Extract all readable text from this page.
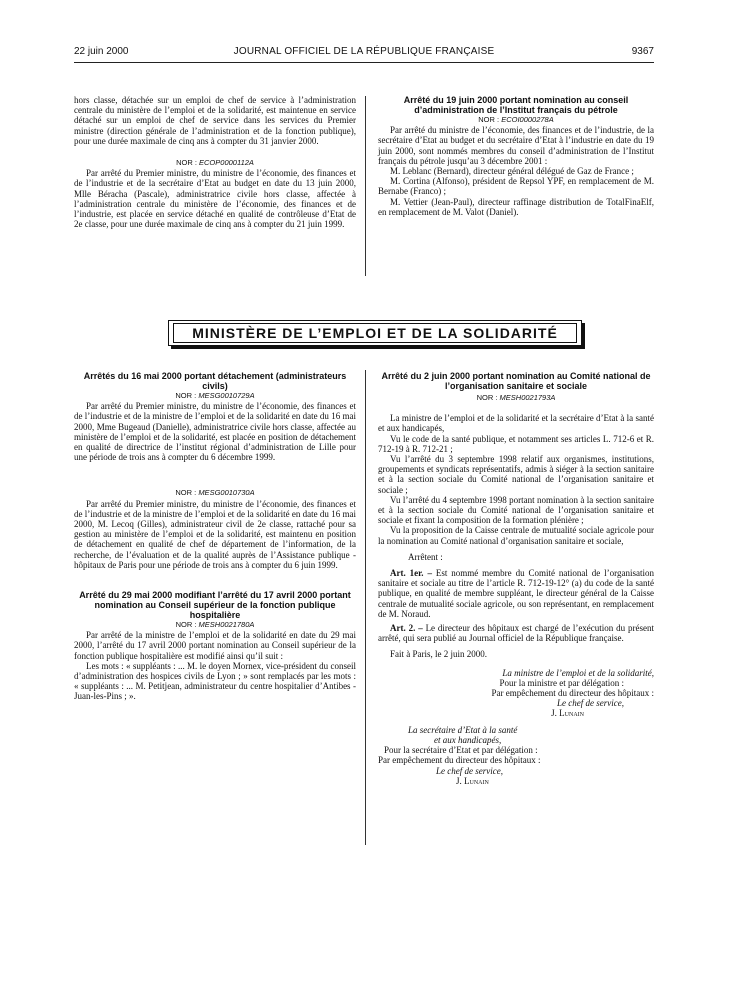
22 juin 2000	JOURNAL OFFICIEL DE LA RÉPUBLIQUE FRANÇAISE	9367

hors classe, détachée sur un emploi de chef de service à l’administration centrale du ministère de l’emploi et de la solidarité, est maintenue en service détaché sur un emploi de chef de service dans les services du Premier ministre (direction générale de l’administration et de la fonction publique), pour une durée maximale de cinq ans à compter du 31 janvier 2000.

NOR : ECOP0000112A

Par arrêté du Premier ministre, du ministre de l’économie, des finances et de l’industrie et de la secrétaire d’Etat au budget en date du 13 juin 2000, Mlle Béracha (Pascale), administratrice civile hors classe, affectée à l’administration centrale du ministère de l’économie, des finances et de l’industrie, est placée en service détaché en qualité de contrôleuse d’Etat de 2e classe, pour une durée maximale de cinq ans à compter du 21 juin 1999.

Arrêté du 19 juin 2000 portant nomination au conseil d’administration de l’Institut français du pétrole

NOR : ECOI0000278A

Par arrêté du ministre de l’économie, des finances et de l’industrie, de la secrétaire d’Etat au budget et du secrétaire d’Etat à l’industrie en date du 19 juin 2000, sont nommés membres du conseil d’administration de l’Institut français du pétrole jusqu’au 3 décembre 2001 :

M. Leblanc (Bernard), directeur général délégué de Gaz de France ;

M. Cortina (Alfonso), président de Repsol YPF, en remplacement de M. Bernabe (Franco) ;

M. Vettier (Jean-Paul), directeur raffinage distribution de TotalFinaElf, en remplacement de M. Valot (Daniel).

MINISTÈRE DE L’EMPLOI ET DE LA SOLIDARITÉ

Arrêtés du 16 mai 2000 portant détachement (administrateurs civils)

NOR : MESG0010729A

Par arrêté du Premier ministre, du ministre de l’économie, des finances et de l’industrie et de la ministre de l’emploi et de la solidarité en date du 16 mai 2000, Mme Bugeaud (Danielle), administratrice civile hors classe, affectée au ministère de l’emploi et de la solidarité, est placée en position de détachement en qualité de directrice de l’institut régional d’administration de Lille pour une période de trois ans à compter du 6 décembre 1999.

NOR : MESG0010730A

Par arrêté du Premier ministre, du ministre de l’économie, des finances et de l’industrie et de la ministre de l’emploi et de la solidarité en date du 16 mai 2000, M. Lecoq (Gilles), administrateur civil de 2e classe, rattaché pour sa gestion au ministère de l’emploi et de la solidarité, est maintenu en position de détachement en qualité de chef de département de l’information, de la recherche, de l’évaluation et de la qualité auprès de l’Assistance publique - hôpitaux de Paris pour une période de trois ans à compter du 6 juin 1999.

Arrêté du 29 mai 2000 modifiant l’arrêté du 17 avril 2000 portant nomination au Conseil supérieur de la fonction publique hospitalière

NOR : MESH0021780A

Par arrêté de la ministre de l’emploi et de la solidarité en date du 29 mai 2000, l’arrêté du 17 avril 2000 portant nomination au Conseil supérieur de la fonction publique hospitalière est modifié ainsi qu’il suit :

Les mots : « suppléants : ... M. le doyen Mornex, vice-président du conseil d’administration des hospices civils de Lyon ; » sont remplacés par les mots : « suppléants : ... M. Petitjean, administrateur du centre hospitalier d’Antibes - Juan-les-Pins ; ».

Arrêté du 2 juin 2000 portant nomination au Comité national de l’organisation sanitaire et sociale

NOR : MESH0021793A

La ministre de l’emploi et de la solidarité et la secrétaire d’Etat à la santé et aux handicapés,

Vu le code de la santé publique, et notamment ses articles L. 712-6 et R. 712-19 à R. 712-21 ;

Vu l’arrêté du 3 septembre 1998 relatif aux organismes, institutions, groupements et syndicats représentatifs, admis à siéger à la section sanitaire et à la section sociale du Comité national de l’organisation sanitaire et sociale ;

Vu l’arrêté du 4 septembre 1998 portant nomination à la section sanitaire et à la section sociale du Comité national de l’organisation sanitaire et sociale et fixant la composition de la formation plénière ;

Vu la proposition de la Caisse centrale de mutualité sociale agricole pour la nomination au Comité national d’organisation sanitaire et sociale,

Arrêtent :

Art. 1er. – Est nommé membre du Comité national de l’organisation sanitaire et sociale au titre de l’article R. 712-19-12° (a) du code de la santé publique, en qualité de membre suppléant, le directeur général de la Caisse centrale de mutualité sociale agricole, ou son représentant, en remplacement de M. Noraud.

Art. 2. – Le directeur des hôpitaux est chargé de l’exécution du présent arrêté, qui sera publié au Journal officiel de la République française.

Fait à Paris, le 2 juin 2000.

La ministre de l’emploi et de la solidarité,
Pour la ministre et par délégation :
Par empêchement du directeur des hôpitaux :
Le chef de service,
J. Lunain
La secrétaire d’Etat à la santé
et aux handicapés,
Pour la secrétaire d’Etat et par délégation :
Par empêchement du directeur des hôpitaux :
Le chef de service,
J. Lunain
